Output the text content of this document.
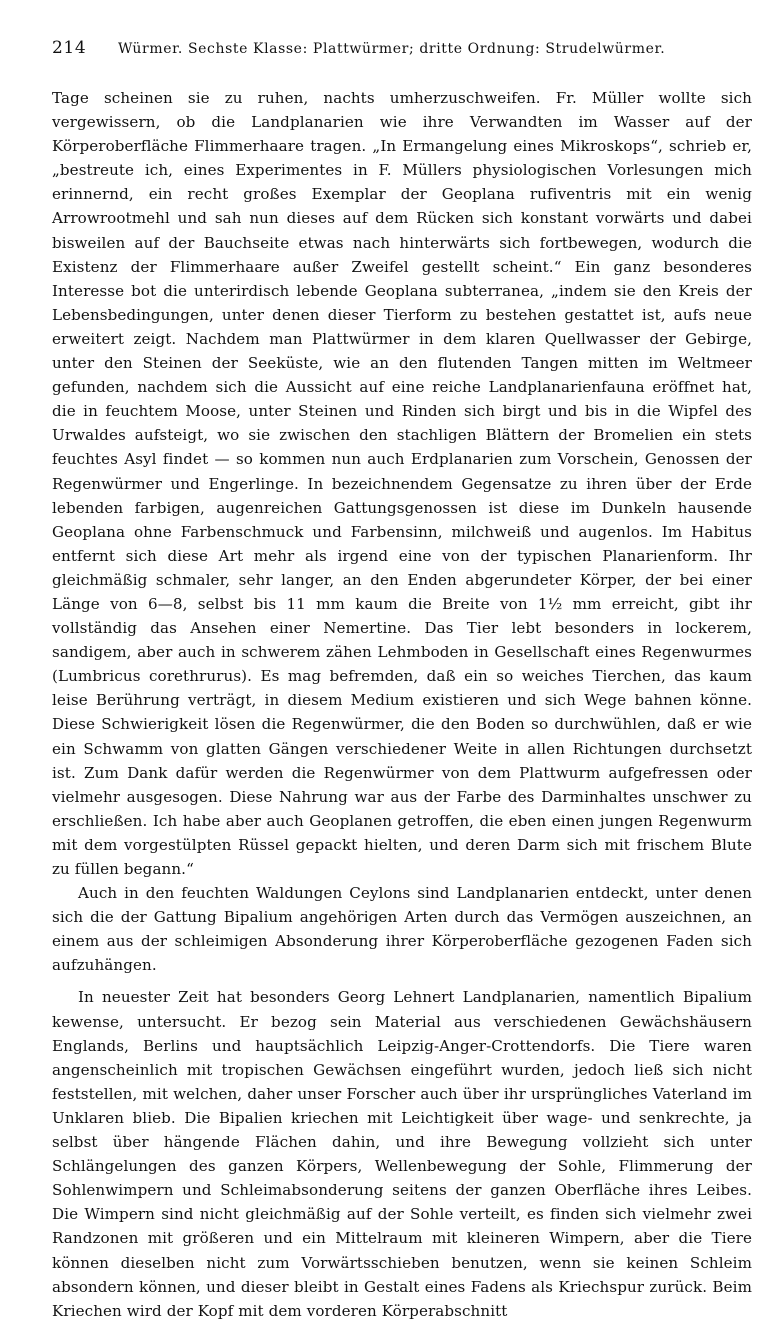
214	Würmer. Sechste Klasse: Plattwürmer; dritte Ordnung: Strudelwürmer.

Tage scheinen sie zu ruhen, nachts umherzuschweifen. Fr. Müller wollte sich vergewissern, ob die Landplanarien wie ihre Verwandten im Wasser auf der Körperoberfläche Flimmerhaare tragen. „In Ermangelung eines Mikroskops“, schrieb er, „bestreute ich, eines Experimentes in F. Müllers physiologischen Vorlesungen mich erinnernd, ein recht großes Exemplar der Geoplana rufiventris mit ein wenig Arrowrootmehl und sah nun dieses auf dem Rücken sich konstant vorwärts und dabei bisweilen auf der Bauchseite etwas nach hinterwärts sich fortbewegen, wodurch die Existenz der Flimmerhaare außer Zweifel gestellt scheint.“ Ein ganz besonderes Interesse bot die unterirdisch lebende Geoplana subterranea, „indem sie den Kreis der Lebensbedingungen, unter denen dieser Tierform zu bestehen gestattet ist, aufs neue erweitert zeigt. Nachdem man Plattwürmer in dem klaren Quellwasser der Gebirge, unter den Steinen der Seeküste, wie an den flutenden Tangen mitten im Weltmeer gefunden, nachdem sich die Aussicht auf eine reiche Landplanarienfauna eröffnet hat, die in feuchtem Moose, unter Steinen und Rinden sich birgt und bis in die Wipfel des Urwaldes aufsteigt, wo sie zwischen den stachligen Blättern der Bromelien ein stets feuchtes Asyl findet — so kommen nun auch Erdplanarien zum Vorschein, Genossen der Regenwürmer und Engerlinge. In bezeichnendem Gegensatze zu ihren über der Erde lebenden farbigen, augenreichen Gattungsgenossen ist diese im Dunkeln hausende Geoplana ohne Farbenschmuck und Farbensinn, milchweiß und augenlos. Im Habitus entfernt sich diese Art mehr als irgend eine von der typischen Planarienform. Ihr gleichmäßig schmaler, sehr langer, an den Enden abgerundeter Körper, der bei einer Länge von 6—8, selbst bis 11 mm kaum die Breite von 1½ mm erreicht, gibt ihr vollständig das Ansehen einer Nemertine. Das Tier lebt besonders in lockerem, sandigem, aber auch in schwerem zähen Lehmboden in Gesellschaft eines Regenwurmes (Lumbricus corethrurus). Es mag befremden, daß ein so weiches Tierchen, das kaum leise Berührung verträgt, in diesem Medium existieren und sich Wege bahnen könne. Diese Schwierigkeit lösen die Regenwürmer, die den Boden so durchwühlen, daß er wie ein Schwamm von glatten Gängen verschiedener Weite in allen Richtungen durchsetzt ist. Zum Dank dafür werden die Regenwürmer von dem Plattwurm aufgefressen oder vielmehr ausgesogen. Diese Nahrung war aus der Farbe des Darminhaltes unschwer zu erschließen. Ich habe aber auch Geoplanen getroffen, die eben einen jungen Regenwurm mit dem vorgestülpten Rüssel gepackt hielten, und deren Darm sich mit frischem Blute zu füllen begann.“

Auch in den feuchten Waldungen Ceylons sind Landplanarien entdeckt, unter denen sich die der Gattung Bipalium angehörigen Arten durch das Vermögen auszeichnen, an einem aus der schleimigen Absonderung ihrer Körperoberfläche gezogenen Faden sich aufzuhängen.

In neuester Zeit hat besonders Georg Lehnert Landplanarien, namentlich Bipalium kewense, untersucht. Er bezog sein Material aus verschiedenen Gewächshäusern Englands, Berlins und hauptsächlich Leipzig-Anger-Crottendorfs. Die Tiere waren angenscheinlich mit tropischen Gewächsen eingeführt wurden, jedoch ließ sich nicht feststellen, mit welchen, daher unser Forscher auch über ihr ursprüngliches Vaterland im Unklaren blieb. Die Bipalien kriechen mit Leichtigkeit über wage- und senkrechte, ja selbst über hängende Flächen dahin, und ihre Bewegung vollzieht sich unter Schlängelungen des ganzen Körpers, Wellenbewegung der Sohle, Flimmerung der Sohlenwimpern und Schleimabsonderung seitens der ganzen Oberfläche ihres Leibes. Die Wimpern sind nicht gleichmäßig auf der Sohle verteilt, es finden sich vielmehr zwei Randzonen mit größeren und ein Mittelraum mit kleineren Wimpern, aber die Tiere können dieselben nicht zum Vorwärtsschieben benutzen, wenn sie keinen Schleim absondern können, und dieser bleibt in Gestalt eines Fadens als Kriechspur zurück. Beim Kriechen wird der Kopf mit dem vorderen Körperabschnitt
